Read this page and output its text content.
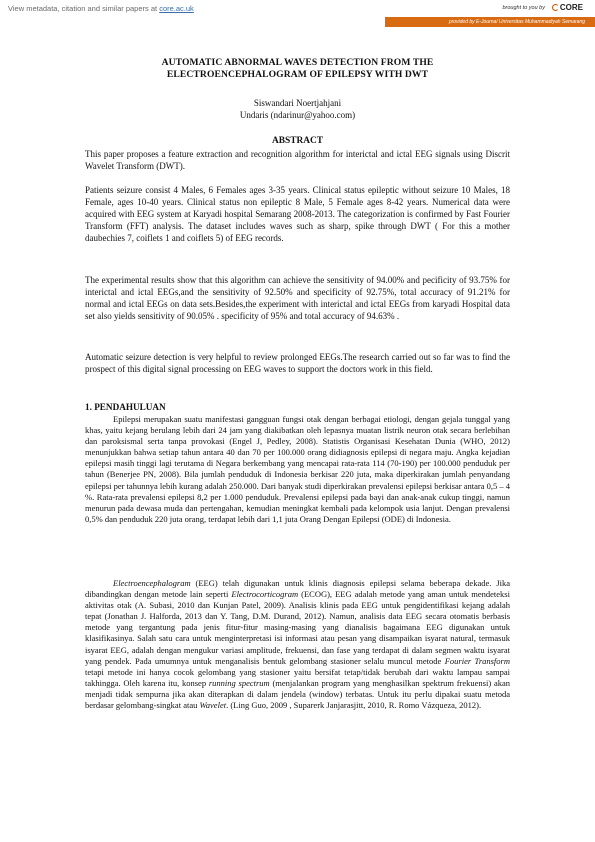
View metadata, citation and similar papers at core.ac.uk	brought to you by	CORE
provided by E-Journal Universitas Muhammadiyah Semarang
AUTOMATIC ABNORMAL WAVES DETECTION FROM THE
ELECTROENCEPHALOGRAM OF EPILEPSY WITH DWT
Siswandari Noertjahjani
Undaris (ndarinur@yahoo.com)
ABSTRACT

This paper proposes a feature extraction and recognition algorithm for interictal and ictal EEG signals using Discrit Wavelet Transform (DWT).

Patients seizure consist 4 Males, 6 Females ages 3-35 years. Clinical status epileptic without seizure 10 Males, 18 Female, ages 10-40 years. Clinical status non epileptic 8 Male, 5 Female ages 8-42 years. Numerical data were acquired with EEG system at Karyadi hospital Semarang 2008-2013. The categorization is confirmed by Fast Fourier Transform (FFT) analysis. The dataset includes waves such as sharp, spike through DWT ( For this a mother daubechies 7, coiflets 1 and coiflets 5) of EEG records.

The experimental results show that this algorithm can achieve the sensitivity of 94.00% and pecificity of 93.75% for interictal and ictal EEGs,and the sensitivity of 92.50% and specificity of 92.75%, total accuracy of 91.21% for normal and ictal EEGs on data sets.Besides,the experiment with interictal and ictal EEGs from karyadi Hospital data set also yields sensitivity of 90.05% . specificity of 95% and total accuracy of 94.63% .

Automatic seizure detection is very helpful to review prolonged EEGs.The research carried out so far was to find the prospect of this digital signal processing on EEG waves to support the doctors work in this field.

1. PENDAHULUAN

Epilepsi merupakan suatu manifestasi gangguan fungsi otak dengan berbagai etiologi, dengan gejala tunggal yang khas, yaitu kejang berulang lebih dari 24 jam yang diakibatkan oleh lepasnya muatan listrik neuron otak secara berlebihan dan paroksismal serta tanpa provokasi (Engel J, Pedley, 2008). Statistis Organisasi Kesehatan Dunia (WHO, 2012) menunjukkan bahwa setiap tahun antara 40 dan 70 per 100.000 orang didiagnosis epilepsi di negara maju. Angka kejadian epilepsi masih tinggi lagi terutama di Negara berkembang yang mencapai rata-rata 114 (70-190) per 100.000 penduduk per tahun (Benerjee PN, 2008). Bila jumlah penduduk di Indonesia berkisar 220 juta, maka diperkirakan jumlah penyandang epilepsi per tahunnya lebih kurang adalah 250.000. Dari banyak studi diperkirakan prevalensi epilepsi berkisar antara 0,5 – 4 %. Rata-rata prevalensi epilepsi 8,2 per 1.000 penduduk. Prevalensi epilepsi pada bayi dan anak-anak cukup tinggi, namun menurun pada dewasa muda dan pertengahan, kemudian meningkat kembali pada kelompok usia lanjut. Dengan prevalensi 0,5% dan penduduk 220 juta orang, terdapat lebih dari 1,1 juta Orang Dengan Epilepsi (ODE) di Indonesia.

Electroencephalogram (EEG) telah digunakan untuk klinis diagnosis epilepsi selama beberapa dekade. Jika dibandingkan dengan metode lain seperti Electrocorticogram (ECOG), EEG adalah metode yang aman untuk mendeteksi aktivitas otak (A. Subasi, 2010 dan Kunjan Patel, 2009). Analisis klinis pada EEG untuk pengidentifikasi kejang adalah tepat (Jonathan J. Halforda, 2013 dan Y. Tang, D.M. Durand, 2012). Namun, analisis data EEG secara otomatis berbasis metode yang tergantung pada jenis fitur-fitur masing-masing yang dianalisis bagaimana EEG digunakan untuk klasifikasinya. Salah satu cara untuk menginterpretasi isi informasi atau pesan yang disampaikan isyarat natural, termasuk isyarat EEG, adalah dengan mengukur variasi amplitude, frekuensi, dan fase yang terdapat di dalam segmen waktu isyarat yang pendek. Pada umumnya untuk menganalisis bentuk gelombang stasioner selalu muncul metode Fourier Transform tetapi metode ini hanya cocok gelombang yang stasioner yaitu bersifat tetap/tidak berubah dari waktu lampau sampai takhingga. Oleh karena itu, konsep running spectrum (menjalankan program yang menghasilkan spektrum frekuensi) akan menjadi tidak sempurna jika akan diterapkan di dalam jendela (window) terbatas. Untuk itu perlu dipakai suatu metoda berdasar gelombang-singkat atau Wavelet. (Ling Guo, 2009 , Suparerk Janjarasjitt, 2010, R. Romo Vázqueza, 2012).
